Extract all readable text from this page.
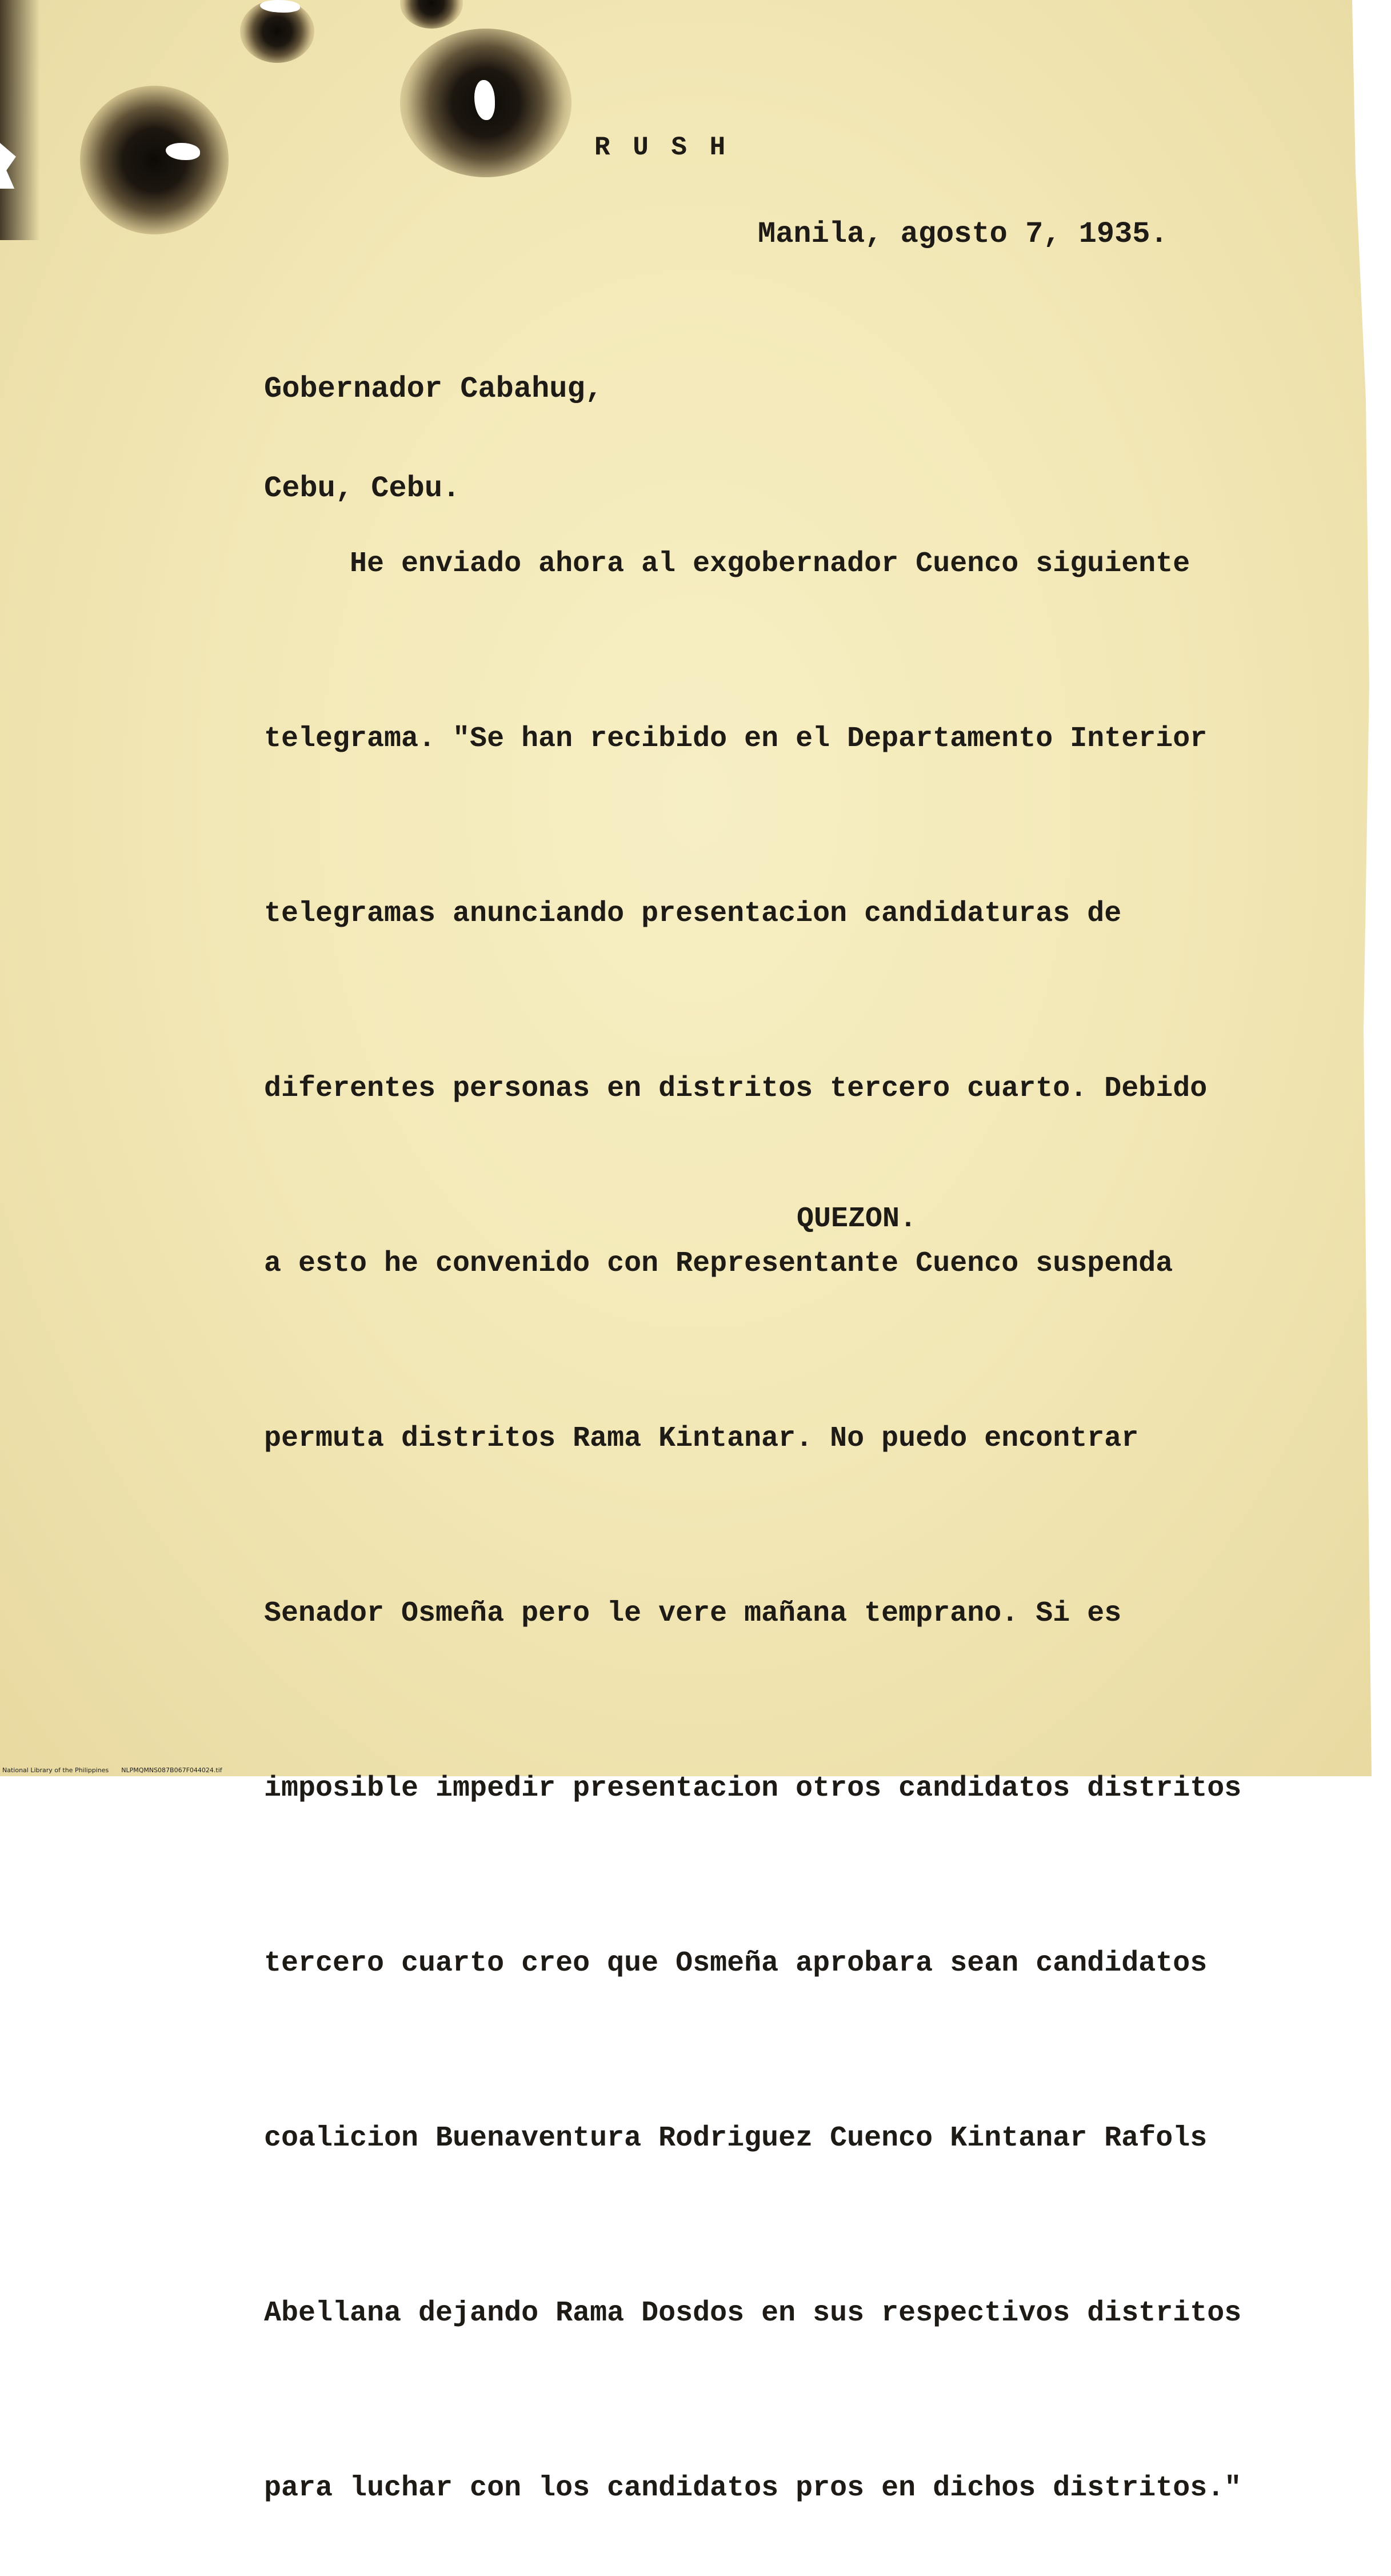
R U S H
Manila, agosto 7, 1935.

Gobernador Cabahug,

Cebu, Cebu.

He enviado ahora al exgobernador Cuenco siguiente

telegrama. "Se han recibido en el Departamento Interior

telegramas anunciando presentacion candidaturas de

diferentes personas en distritos tercero cuarto. Debido

a esto he convenido con Representante Cuenco suspenda

permuta distritos Rama Kintanar. No puedo encontrar

Senador Osmeña pero le vere mañana temprano. Si es

imposible impedir presentacion otros candidatos distritos

tercero cuarto creo que Osmeña aprobara sean candidatos

coalicion Buenaventura Rodriguez Cuenco Kintanar Rafols

Abellana dejando Rama Dosdos en sus respectivos distritos

para luchar con los candidatos pros en dichos distritos."

QUEZON.
National Library of the Philippines NLPMQMNS087B067F044024.tif
